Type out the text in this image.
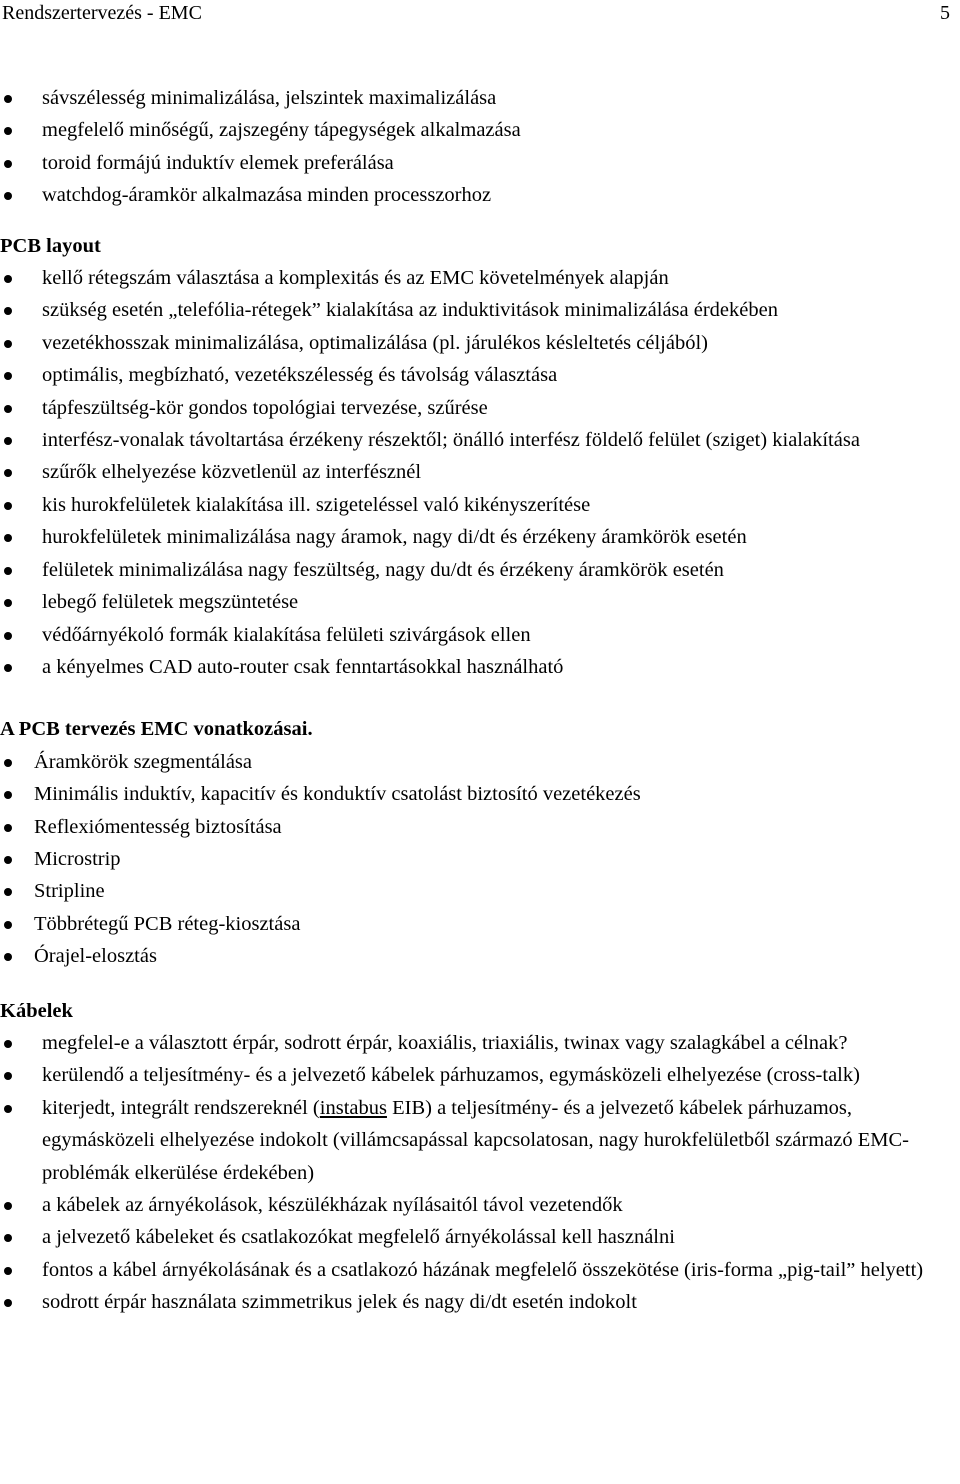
Rendszertervezés - EMC	5
sávszélesség minimalizálása, jelszintek maximalizálása
megfelelő minőségű, zajszegény tápegységek alkalmazása
toroid formájú induktív elemek preferálása
watchdog-áramkör alkalmazása minden processzorhoz
PCB layout
kellő rétegszám választása a komplexitás és az EMC követelmények alapján
szükség esetén „telefólia-rétegek” kialakítása az induktivitások minimalizálása érdekében
vezetékhosszak minimalizálása, optimalizálása (pl. járulékos késleltetés céljából)
optimális, megbízható, vezetékszélesség és távolság választása
tápfeszültség-kör gondos topológiai tervezése, szűrése
interfész-vonalak távoltartása érzékeny részektől; önálló interfész földelő felület (sziget) kialakítása
szűrők elhelyezése közvetlenül az interfésznél
kis hurokfelületek kialakítása ill. szigeteléssel való kikényszerítése
hurokfelületek minimalizálása nagy áramok, nagy di/dt és érzékeny áramkörök esetén
felületek minimalizálása nagy feszültség, nagy du/dt és érzékeny áramkörök esetén
lebegő felületek megszüntetése
védőárnyékoló formák kialakítása felületi szivárgások ellen
a kényelmes CAD auto-router csak fenntartásokkal használható
A PCB tervezés EMC vonatkozásai.
Áramkörök szegmentálása
Minimális induktív, kapacitív és konduktív csatolást biztosító vezetékezés
Reflexiómentesség biztosítása
Microstrip
Stripline
Többrétegű PCB réteg-kiosztása
Órajel-elosztás
Kábelek
megfelel-e a választott érpár, sodrott érpár, koaxiális, triaxiális, twinax vagy szalagkábel a célnak?
kerülendő a teljesítmény- és a jelvezető kábelek párhuzamos, egymásközeli elhelyezése (cross-talk)
kiterjedt, integrált rendszereknél (instabus EIB) a teljesítmény- és a jelvezető kábelek párhuzamos, egymásközeli elhelyezése indokolt (villámcsapással kapcsolatosan, nagy hurokfelületből származó EMC-problémák elkerülése érdekében)
a kábelek az árnyékolások, készülékházak nyílásaitól távol vezetendők
a jelvezető kábeleket és csatlakozókat megfelelő árnyékolással kell használni
fontos a kábel árnyékolásának és a csatlakozó házának megfelelő összekötése (iris-forma „pig-tail” helyett)
sodrott érpár használata szimmetrikus jelek és nagy di/dt esetén indokolt
